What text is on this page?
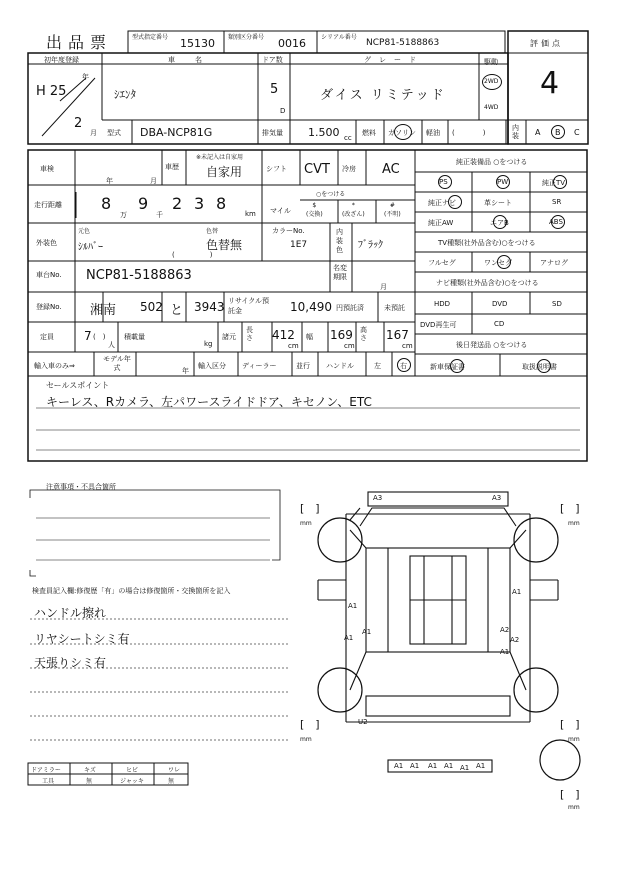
出品票	型式指定番号 15130 類別区分番号 0016	シリアル番号
NCP81-5188863	評価点
4
初年度登録
H 25
年
2
月
車名
ｼｴﾝﾀ
ドア数
5
D
グレード
ダイス リミテッド
駆動
2WD
4WD
型式 DBA-NCP81G	排気量 1.500 cc
燃料 ガソリン 軽油 (　　　　)
内装	A B C
車検
年	月
車歴
※未記入は自家用
自家用	シフト CVT 冷房 AC
走行距離 8
万
9
千
2 3 8
km マイル
○をつける
$
(交換)
*
(改ざん)
#
(不明)
外装色
元色
ｼﾙﾊﾞｰ
色替
色替無
(　　　　　)
カラーNo.
1E7
内装色	ﾌﾞﾗｯｸ
車台No. NCP81-5188863	名変期限
月
登録No. 湘南 502 と 3943 リサイクル預託金	10,490 円預託済	未預託
定員	7 (　)
人
積載量
kg
諸元
長さ 412
cm
幅 169
cm
高さ 167
cm
輸入車のみ⇒
モデル年式	年
輸入区分 ディーラー	並行 ハンドル	左	右
純正装備品 ○をつける
PS	PW	純正TV
純正ナビ	革シート	SR
純正AW	エアB	ABS
TV種類(社外品含む)○をつける
フルセグ	ワンセグ	アナログ
ナビ種類(社外品含む)○をつける
HDD	DVD	SD
DVD再生可	CD
後日発送品 ○をつける
新車保証書	取扱説明書
セールスポイント
キーレス、Rカメラ、左パワースライドドア、キセノン、ETC
注意事項・不具合箇所
検査員記入欄:修復歴「有」の場合は修復箇所・交換箇所を記入
ハンドル擦れ
リヤシートシミ有
天張りシミ有
A3	A3
A1
A1
A1
A1
A2
A2
A1
A1
U2
A1 A1 A1 A1	A1
[　]
mm
[　]
mm
[　]
mm
[　]
mm
[　]
mm
ドアミラー	キズ	ヒビ	ワレ
工具	無	ジャッキ	無
